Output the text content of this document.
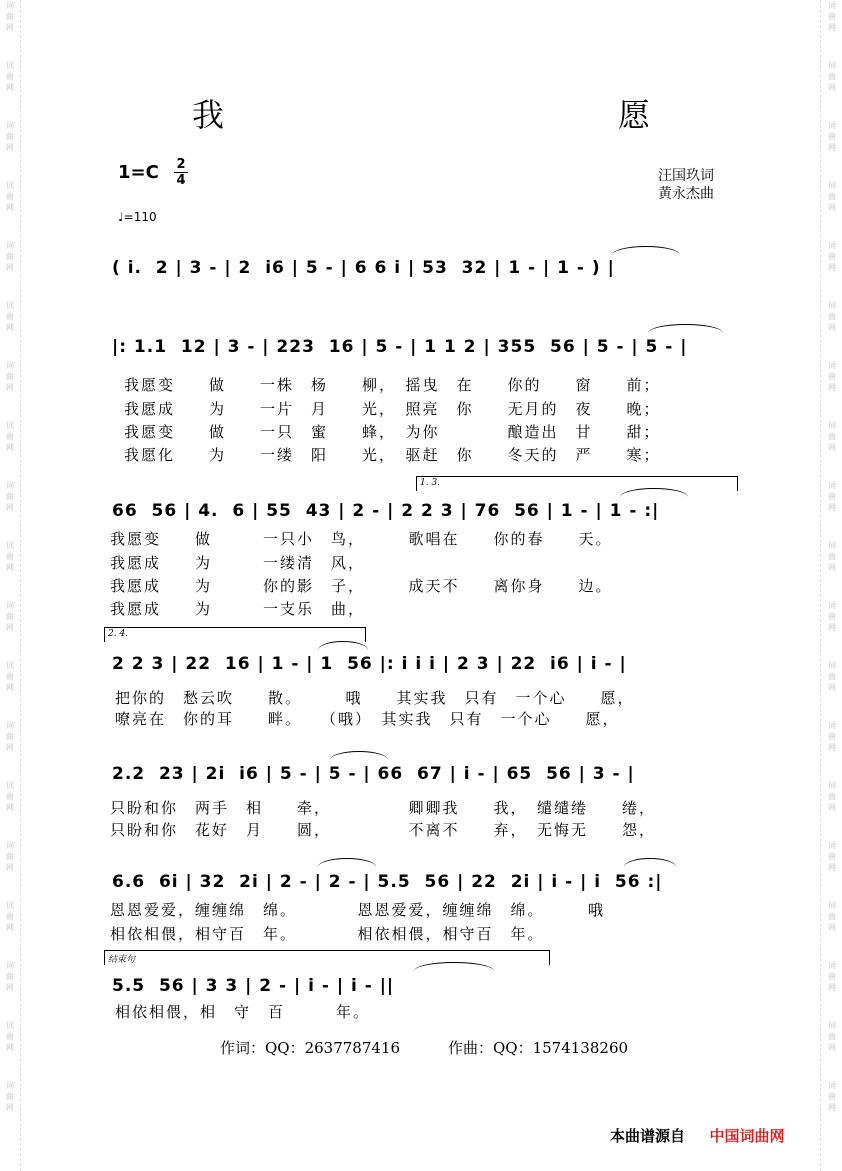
词
曲
网
词
曲
网
词
曲
网
词
曲
网
词
曲
网
词
曲
网
词
曲
网
词
曲
网
词
曲
网
词
曲
网
词
曲
网
词
曲
网
词
曲
网
词
曲
网
词
曲
网
词
曲
网
词
曲
网
词
曲
网
词
曲
网
词
曲
网
词
曲
网
词
曲
网
词
曲
网
词
曲
网
词
曲
网
词
曲
网
词
曲
网
词
曲
网
词
曲
网
词
曲
网
词
曲
网
词
曲
网
词
曲
网
词
曲
网
词
曲
网
词
曲
网
词
曲
网
词
曲
网
我　　愿
1=C 2
4
♩=110
汪国玖词
黄永杰曲
( i.  2 | 3 - | 2  i6 | 5 - | 6 6 i | 53  32 | 1 - | 1 - ) |
|: 1.1  12 | 3 - | 223  16 | 5 - | 1 1 2 | 355  56 | 5 - | 5 - |
我愿变　　做　　一株　杨　　柳，　摇曳　在　　你的　　窗　　前；
我愿成　　为　　一片　月　　光，　照亮　你　　无月的　夜　　晚；
我愿变　　做　　一只　蜜　　蜂，　为你　　　　酿造出　甘　　甜；
我愿化　　为　　一缕　阳　　光，　驱赶　你　　冬天的　严　　寒；
1. 3.
66  56 | 4.  6 | 55  43 | 2 - | 2 2 3 | 76  56 | 1 - | 1 - :|
我愿变　　做　　　一只小　鸟，　　　歌唱在　　你的春　　天。
我愿成　　为　　　一缕清　风，
我愿成　　为　　　你的影　子，　　　成天不　　离你身　　边。
我愿成　　为　　　一支乐　曲，
2. 4.
2 2 3 | 22  16 | 1 - | 1  56 |: i i i | 2 3 | 22  i6 | i - |
把你的　愁云吹　　散。　　　哦　　其实我　只有　一个心　　愿，
嘹亮在　你的耳　　畔。　　（哦）　其实我　只有　一个心　　愿，
2.2  23 | 2i  i6 | 5 - | 5 - | 66  67 | i - | 65  56 | 3 - |
只盼和你　两手　相　　牵，　　　　　卿卿我　　我，　缱缱绻　　绻，
只盼和你　花好　月　　圆，　　　　　不离不　　弃，　无悔无　　怨，
6.6  6i | 32  2i | 2 - | 2 - | 5.5  56 | 22  2i | i - | i  56 :|
恩恩爱爱，缠缠绵　绵。　　　　恩恩爱爱，缠缠绵　绵。　　　哦
相依相偎，相守百　年。　　　　相依相偎，相守百　年。
结束句
5.5  56 | 3 3 | 2 - | i - | i - ||
相依相偎，相　守　百　　　年。
作词：QQ：2637787416	作曲：QQ：1574138260
本曲谱源自 中国词曲网
